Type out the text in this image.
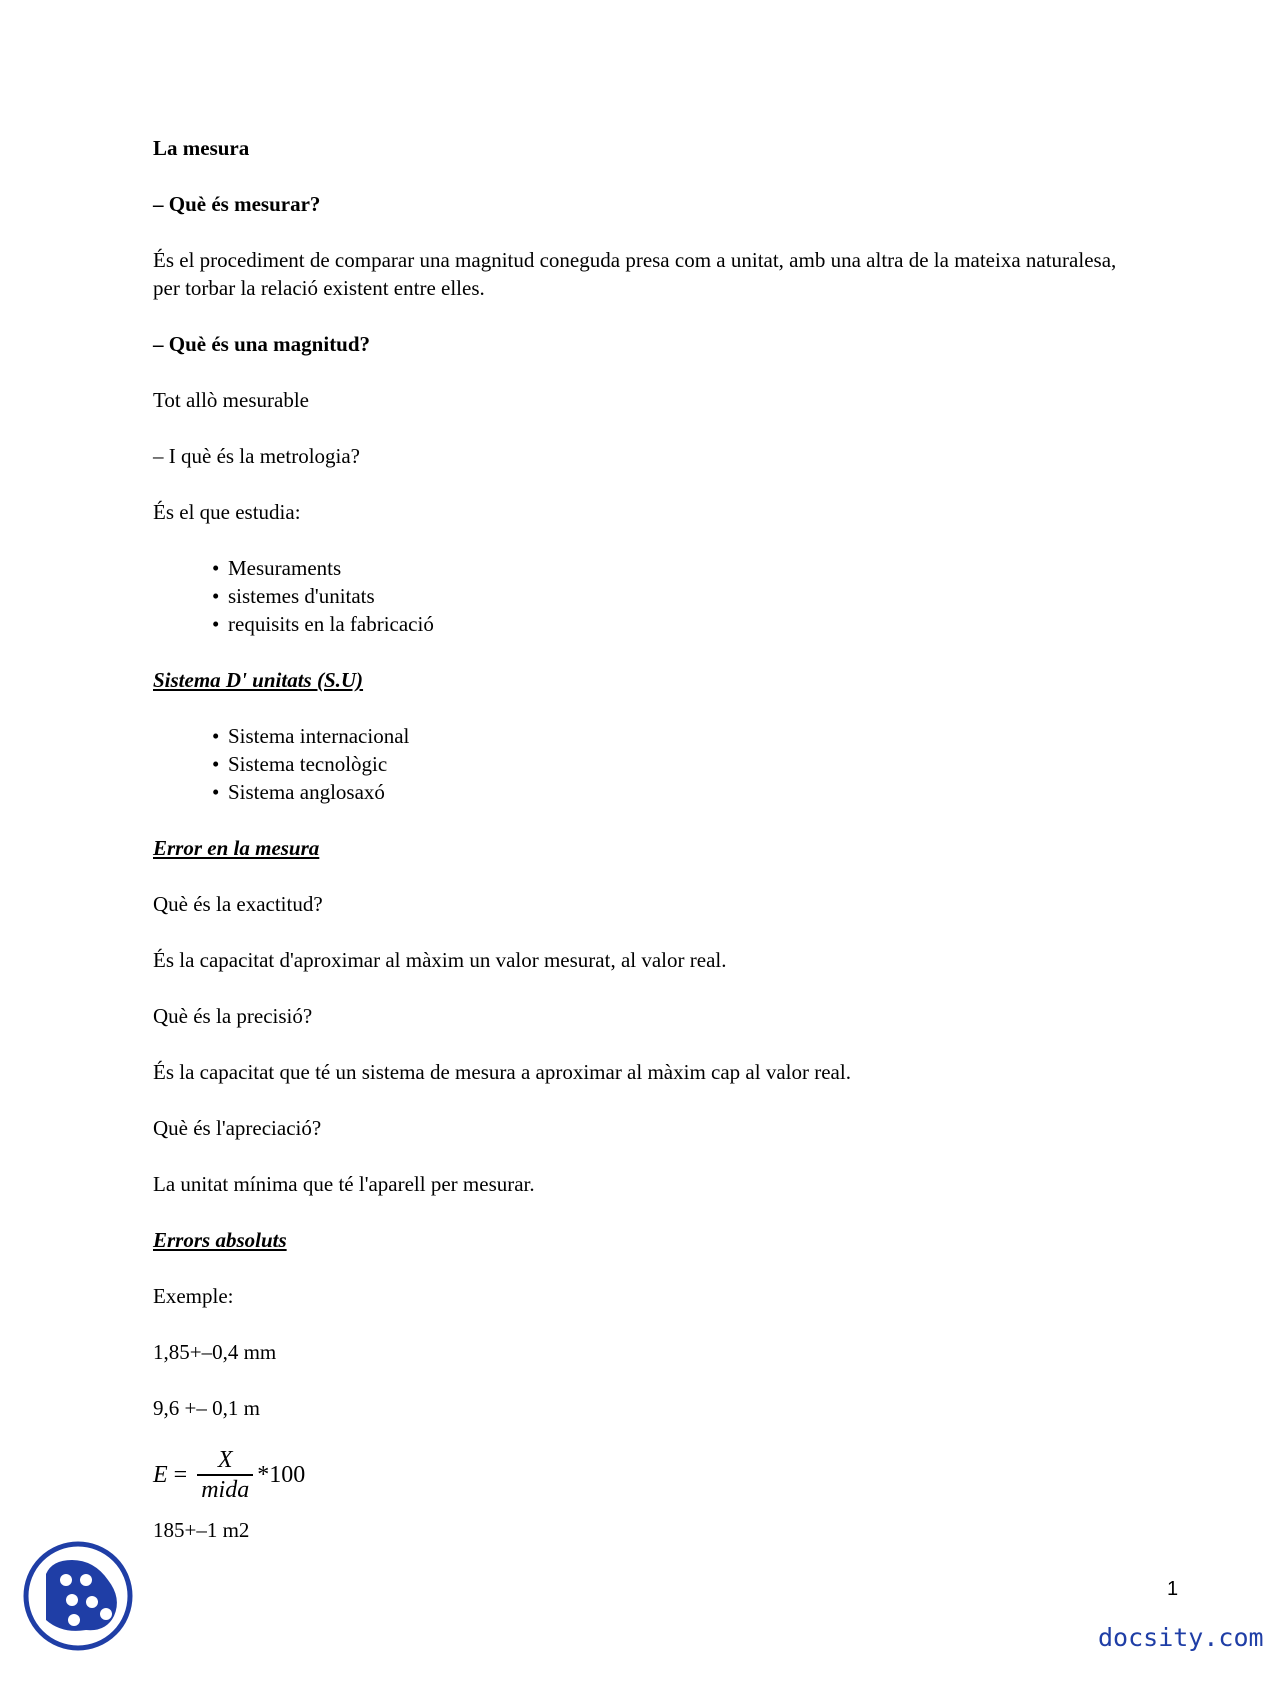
La mesura

– Què és mesurar?

És el procediment de comparar una magnitud coneguda presa com a unitat, amb una altra de la mateixa naturalesa, per torbar la relació existent entre elles.

– Què és una magnitud?

Tot allò mesurable

– I què és la metrologia?

És el que estudia:

• Mesuraments

• sistemes d'unitats

• requisits en la fabricació

Sistema D' unitats (S.U)

• Sistema internacional

• Sistema tecnològic

• Sistema anglosaxó

Error en la mesura

Què és la exactitud?

És la capacitat d'aproximar al màxim un valor mesurat, al valor real.

Què és la precisió?

És la capacitat que té un sistema de mesura a aproximar al màxim cap al valor real.

Què és l'apreciació?

La unitat mínima que té l'aparell per mesurar.

Errors absoluts

Exemple:

1,85+–0,4 mm

9,6 +– 0,1 m

$E = \frac{X}{\text{mida}} *100$

185+–1 m2

1
docsity.com
